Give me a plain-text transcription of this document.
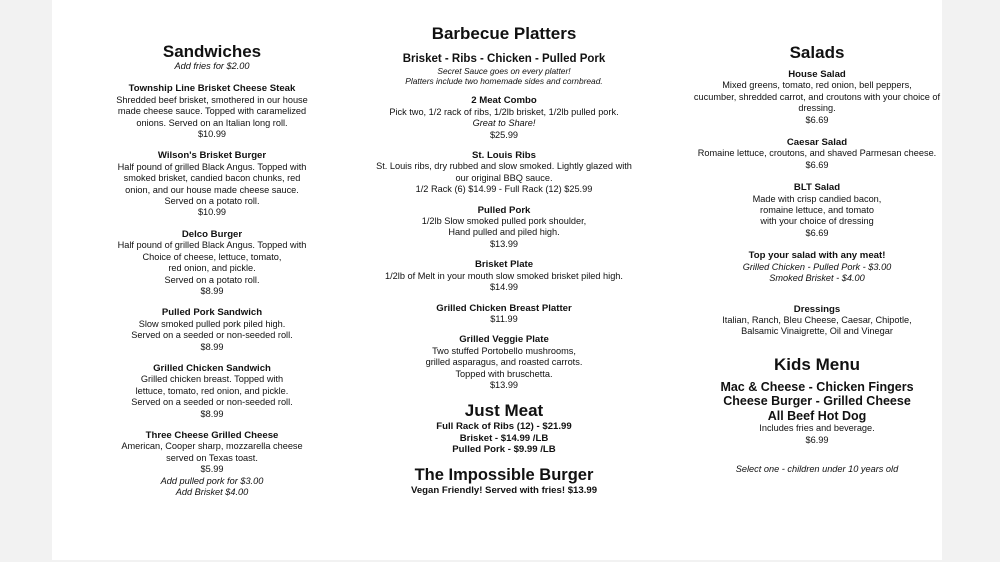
Sandwiches
Add fries for $2.00
Township Line Brisket Cheese Steak
Shredded beef brisket, smothered in our house
made cheese sauce. Topped with caramelized
onions. Served on an Italian long roll.
$10.99
Wilson's Brisket Burger
Half pound of grilled Black Angus. Topped with
smoked brisket, candied bacon chunks, red
onion, and our house made cheese sauce.
Served on a potato roll.
$10.99
Delco Burger
Half pound of grilled Black Angus. Topped with
Choice of cheese, lettuce, tomato,
red onion, and pickle.
Served on a potato roll.
$8.99
Pulled Pork Sandwich
Slow smoked pulled pork piled high.
Served on a seeded or non-seeded roll.
$8.99
Grilled Chicken Sandwich
Grilled chicken breast. Topped with
lettuce, tomato, red onion, and pickle.
Served on a seeded or non-seeded roll.
$8.99
Three Cheese Grilled Cheese
American, Cooper sharp, mozzarella cheese
served on Texas toast.
$5.99
Add pulled pork for $3.00
Add Brisket $4.00
Barbecue Platters
Brisket - Ribs - Chicken - Pulled Pork
Secret Sauce goes on every platter!
Platters include two homemade sides and cornbread.
2 Meat Combo
Pick two, 1/2 rack of ribs, 1/2lb brisket, 1/2lb pulled pork.
Great to Share!
$25.99
St. Louis Ribs
St. Louis ribs, dry rubbed and slow smoked. Lightly glazed with
our original BBQ sauce.
1/2 Rack (6) $14.99 - Full Rack (12) $25.99
Pulled Pork
1/2lb Slow smoked pulled pork shoulder,
Hand pulled and piled high.
$13.99
Brisket Plate
1/2lb of Melt in your mouth slow smoked brisket piled high.
$14.99
Grilled Chicken Breast Platter
$11.99
Grilled Veggie Plate
Two stuffed Portobello mushrooms,
grilled asparagus, and roasted carrots.
Topped with bruschetta.
$13.99
Just Meat
Full Rack of Ribs (12) - $21.99
Brisket - $14.99 /LB
Pulled Pork - $9.99 /LB
The Impossible Burger
Vegan Friendly! Served with fries! $13.99
Salads
House Salad
Mixed greens, tomato, red onion, bell peppers,
cucumber, shredded carrot, and croutons with your choice of
dressing.
$6.69
Caesar Salad
Romaine lettuce, croutons, and shaved Parmesan cheese.
$6.69
BLT Salad
Made with crisp candied bacon,
romaine lettuce, and tomato
with your choice of dressing
$6.69
Top your salad with any meat!
Grilled Chicken - Pulled Pork - $3.00
Smoked Brisket - $4.00
Dressings
Italian, Ranch, Bleu Cheese, Caesar, Chipotle,
Balsamic Vinaigrette, Oil and Vinegar
Kids Menu
Mac & Cheese - Chicken Fingers
Cheese Burger - Grilled Cheese
All Beef Hot Dog
Includes fries and beverage.
$6.99
Select one - children under 10 years old
